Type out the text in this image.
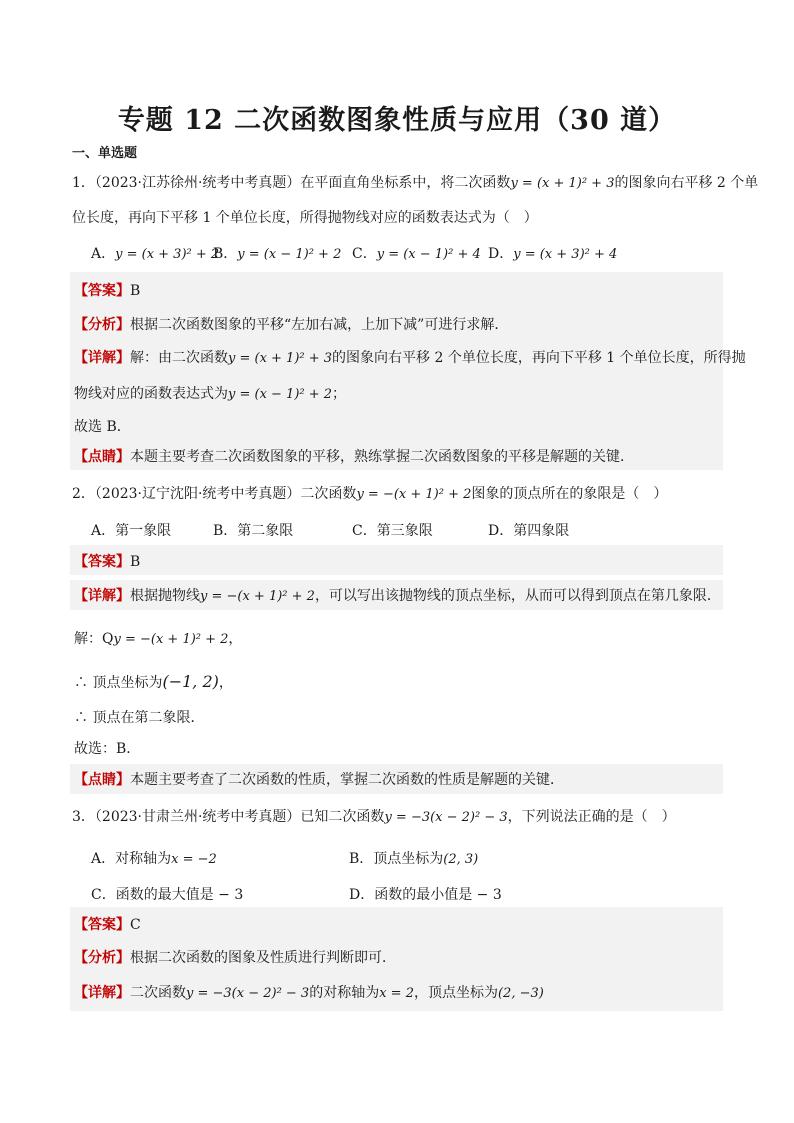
专题 12 二次函数图象性质与应用（30 道）
一、单选题
1．（2023·江苏徐州·统考中考真题）在平面直角坐标系中，将二次函数y = (x + 1)² + 3的图象向右平移 2 个单
位长度，再向下平移 1 个单位长度，所得抛物线对应的函数表达式为（　）
A．y = (x + 3)² + 2
B．y = (x − 1)² + 2 C．y = (x − 1)² + 4 D．y = (x + 3)² + 4
【答案】B
【分析】根据二次函数图象的平移“左加右减，上加下减”可进行求解．
【详解】解：由二次函数y = (x + 1)² + 3的图象向右平移 2 个单位长度，再向下平移 1 个单位长度，所得抛
物线对应的函数表达式为y = (x − 1)² + 2；
故选 B．
【点睛】本题主要考查二次函数图象的平移，熟练掌握二次函数图象的平移是解题的关键．
2．（2023·辽宁沈阳·统考中考真题）二次函数y = −(x + 1)² + 2图象的顶点所在的象限是（　）
A．第一象限	B．第二象限	C．第三象限	D．第四象限
【答案】B
【详解】根据抛物线y = −(x + 1)² + 2，可以写出该抛物线的顶点坐标，从而可以得到顶点在第几象限．
解：Qy = −(x + 1)² + 2，
∴ 顶点坐标为(−1, 2)，
∴ 顶点在第二象限．
故选：B．
【点睛】本题主要考查了二次函数的性质，掌握二次函数的性质是解题的关键．
3．（2023·甘肃兰州·统考中考真题）已知二次函数y = −3(x − 2)² − 3，下列说法正确的是（　）
A．对称轴为x = −2	B．顶点坐标为(2, 3)
C．函数的最大值是 − 3	D．函数的最小值是 − 3
【答案】C
【分析】根据二次函数的图象及性质进行判断即可．
【详解】二次函数y = −3(x − 2)² − 3的对称轴为x = 2，顶点坐标为(2, −3)
